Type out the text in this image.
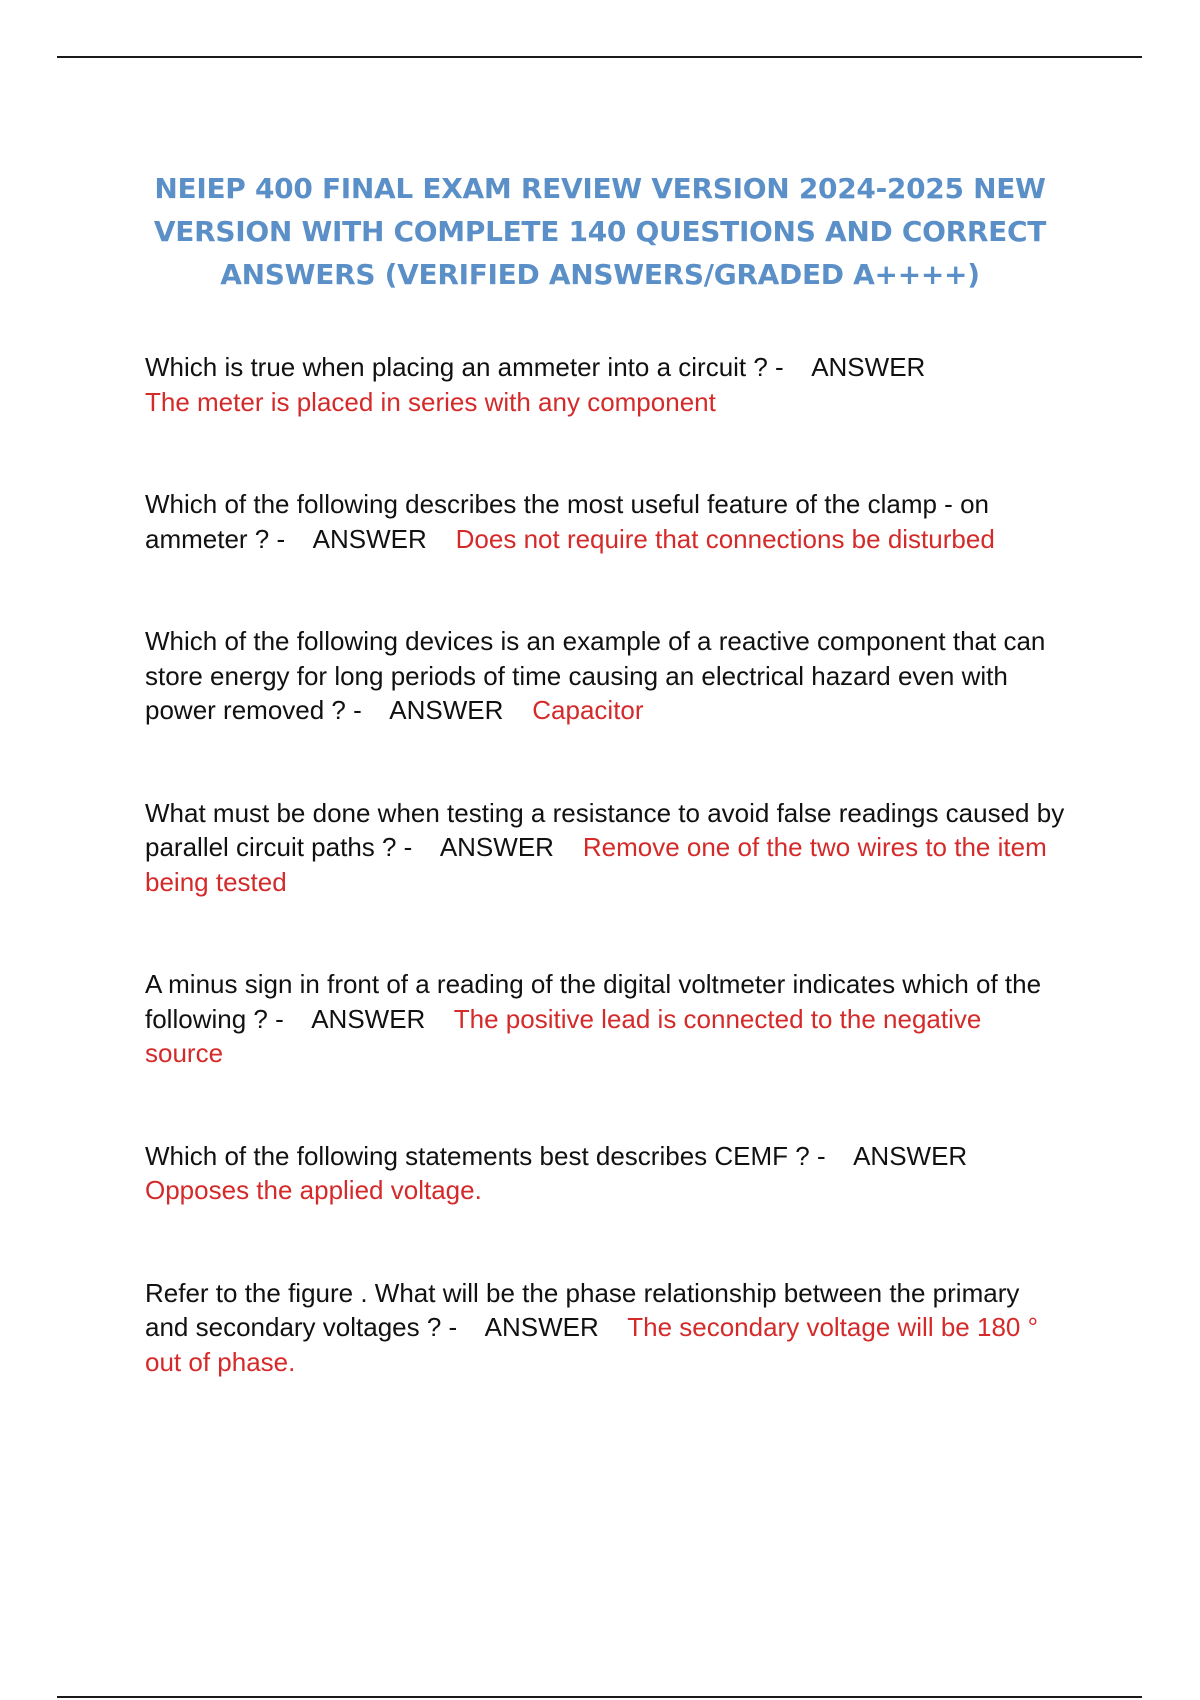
NEIEP 400 FINAL EXAM REVIEW VERSION 2024-2025 NEW VERSION WITH COMPLETE 140 QUESTIONS AND CORRECT ANSWERS (VERIFIED ANSWERS/GRADED A++++)

Which is true when placing an ammeter into a circuit ? - ANSWER
The meter is placed in series with any component

Which of the following describes the most useful feature of the clamp - on ammeter ? - ANSWER Does not require that connections be disturbed

Which of the following devices is an example of a reactive component that can store energy for long periods of time causing an electrical hazard even with power removed ? - ANSWER Capacitor

What must be done when testing a resistance to avoid false readings caused by parallel circuit paths ? - ANSWER Remove one of the two wires to the item being tested

A minus sign in front of a reading of the digital voltmeter indicates which of the following ? - ANSWER The positive lead is connected to the negative source

Which of the following statements best describes CEMF ? - ANSWER
Opposes the applied voltage.

Refer to the figure . What will be the phase relationship between the primary and secondary voltages ? - ANSWER The secondary voltage will be 180 ° out of phase.
